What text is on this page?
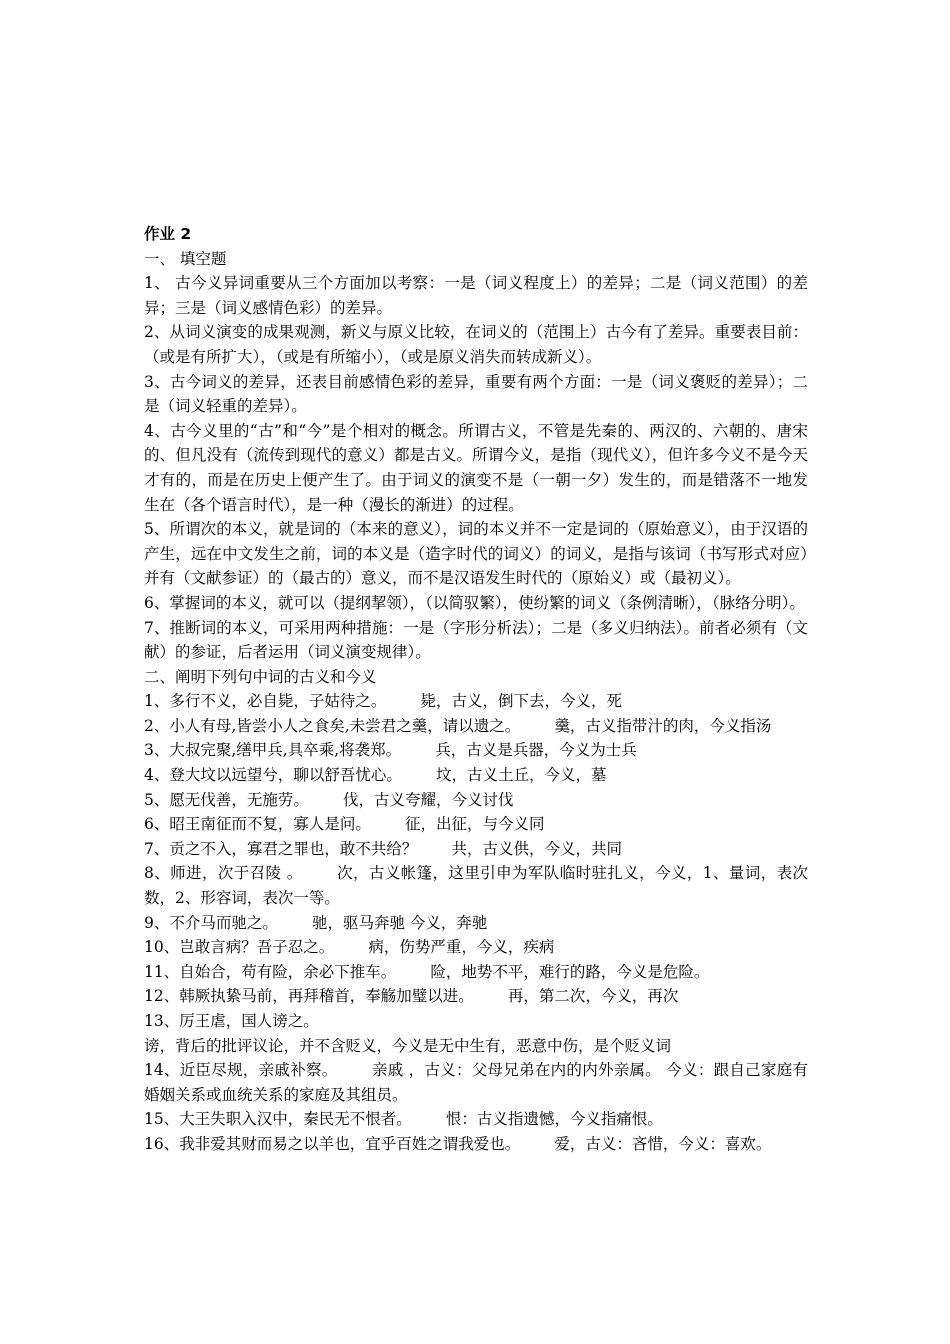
作业 2

一、 填空题

1、 古今义异词重要从三个方面加以考察：一是（词义程度上）的差异；二是（词义范围）的差异；三是（词义感情色彩）的差异。

2、从词义演变的成果观测，新义与原义比较，在词义的（范围上）古今有了差异。重要表目前：（或是有所扩大），（或是有所缩小），（或是原义消失而转成新义）。

3、古今词义的差异，还表目前感情色彩的差异，重要有两个方面：一是（词义褒贬的差异）；二是（词义轻重的差异）。

4、古今义里的“古”和“今”是个相对的概念。所谓古义，不管是先秦的、两汉的、六朝的、唐宋的、但凡没有（流传到现代的意义）都是古义。所谓今义，是指（现代义），但许多今义不是今天才有的，而是在历史上便产生了。由于词义的演变不是（一朝一夕）发生的，而是错落不一地发生在（各个语言时代），是一种（漫长的渐进）的过程。

5、所谓次的本义，就是词的（本来的意义），词的本义并不一定是词的（原始意义），由于汉语的产生，远在中文发生之前，词的本义是（造字时代的词义）的词义，是指与该词（书写形式对应）并有（文献参证）的（最古的）意义，而不是汉语发生时代的（原始义）或（最初义）。

6、掌握词的本义，就可以（提纲挈领），（以简驭繁），使纷繁的词义（条例清晰），（脉络分明）。

7、推断词的本义，可采用两种措施：一是（字形分析法）；二是（多义归纳法）。前者必须有（文献）的参证，后者运用（词义演变规律）。

二、阐明下列句中词的古义和今义

1、多行不义，必自毙，子姑待之。 毙，古义，倒下去，今义，死

2、小人有母,皆尝小人之食矣,未尝君之羹，请以遗之。 羹，古义指带汁的肉，今义指汤

3、大叔完聚,缮甲兵,具卒乘,将袭郑。 兵，古义是兵器，今义为士兵

4、登大坟以远望兮，聊以舒吾忧心。 坟，古义土丘，今义，墓

5、愿无伐善，无施劳。 伐，古义夸耀，今义讨伐

6、昭王南征而不复，寡人是问。 征，出征，与今义同

7、贡之不入，寡君之罪也，敢不共给？ 共，古义供，今义，共同

8、师进，次于召陵 。 次，古义帐篷，这里引申为军队临时驻扎义，今义，1、量词，表次数，2、形容词，表次一等。

9、不介马而驰之。 驰，驱马奔驰 今义，奔驰

10、岂敢言病？吾子忍之。 病，伤势严重，今义，疾病

11、自始合，苟有险，余必下推车。 险，地势不平，难行的路，今义是危险。

12、韩厥执絷马前，再拜稽首，奉觞加璧以进。 再，第二次，今义，再次

13、厉王虐，国人谤之。

谤，背后的批评议论，并不含贬义，今义是无中生有，恶意中伤，是个贬义词

14、近臣尽规，亲戚补察。 亲戚 ，古义：父母兄弟在内的内外亲属。 今义：跟自己家庭有婚姻关系或血统关系的家庭及其组员。

15、大王失职入汉中，秦民无不恨者。 恨：古义指遗憾，今义指痛恨。

16、我非爱其财而易之以羊也，宜乎百姓之谓我爱也。 爱，古义：吝惜，今义：喜欢。
